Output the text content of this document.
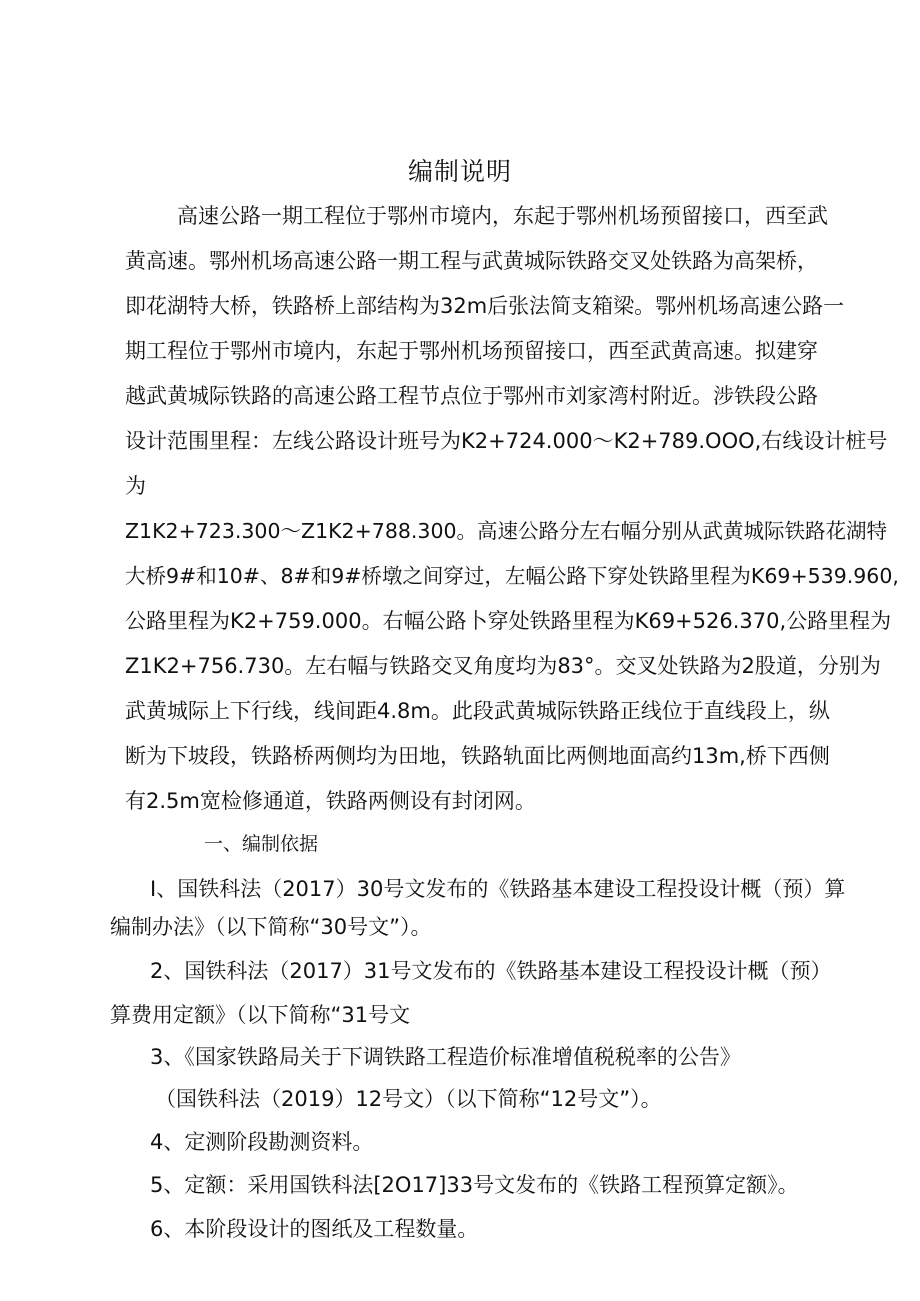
编制说明
高速公路一期工程位于鄂州市境内，东起于鄂州机场预留接口，西至武
黄高速。鄂州机场高速公路一期工程与武黄城际铁路交叉处铁路为高架桥，
即花湖特大桥，铁路桥上部结构为32m后张法简支箱梁。鄂州机场高速公路一
期工程位于鄂州市境内，东起于鄂州机场预留接口，西至武黄高速。拟建穿
越武黄城际铁路的高速公路工程节点位于鄂州市刘家湾村附近。涉铁段公路
设计范围里程：左线公路设计班号为K2+724.000～K2+789.OOO,右线设计桩号
为
Z1K2+723.300～Z1K2+788.300。高速公路分左右幅分别从武黄城际铁路花湖特
大桥9#和10#、8#和9#桥墩之间穿过，左幅公路下穿处铁路里程为K69+539.960,
公路里程为K2+759.000。右幅公路卜穿处铁路里程为K69+526.370,公路里程为
Z1K2+756.730。左右幅与铁路交叉角度均为83°。交叉处铁路为2股道，分别为
武黄城际上下行线，线间距4.8m。此段武黄城际铁路正线位于直线段上，纵
断为下坡段，铁路桥两侧均为田地，铁路轨面比两侧地面高约13m,桥下西侧
有2.5m宽检修通道，铁路两侧设有封闭网。
一、编制依据
I、国铁科法（2017）30号文发布的《铁路基本建设工程投设计概（预）算
编制办法》（以下简称“30号文”）。
2、国铁科法（2017）31号文发布的《铁路基本建设工程投设计概（预）
算费用定额》（以下简称“31号文
3、《国家铁路局关于下调铁路工程造价标准增值税税率的公告》
（国铁科法（2019）12号文）（以下简称“12号文”）。
4、定测阶段勘测资料。
5、定额：采用国铁科法[2O17]33号文发布的《铁路工程预算定额》。
6、本阶段设计的图纸及工程数量。
